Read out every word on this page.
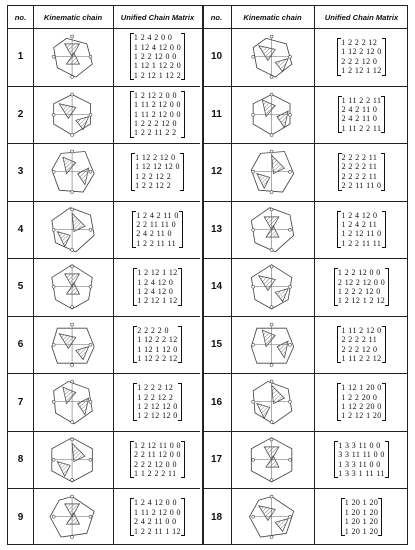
no.	Kinematic chain	Unified Chain Matrix	no.	Kinematic chain	Unified Chain Matrix
1
1 2 4 2 0 0
1 12 4 12 0 0
1 2 2 12 0 0
1 12 1 12 2 0
1 2 12 1 12 2
2
1 2 12 2 0 0
1 11 2 12 0 0
1 11 2 12 0 0
1 2 2 2 12 0
1 2 2 11 2 2
3
1 12 2 12 0
1 12 12 12 0
1 2 2 12 2
1 2 2 12 2
4
1 2 4 2 11 0
2 2 11 11 0
2 4 2 11 0
1 2 2 11 11
5
1 2 12 1 12
1 2 4 12 0
1 2 4 12 0
1 2 12 1 12
6
2 2 2 2 0
1 12 2 2 12
1 12 1 12 0
1 12 2 2 12
7
1 2 2 2 12
1 2 2 12 2
1 2 12 12 0
1 2 12 12 0
8
1 2 12 11 0 0
2 2 11 12 0 0
2 2 2 12 0 0
1 1 2 2 2 11
9
1 2 4 12 0 0
1 11 2 12 0 0
2 4 2 11 0 0
1 2 2 11 1 12
10
1 2 2 2 12
1 12 2 12 0
2 2 2 12 0
1 2 12 1 12
11
1 11 2 2 11
2 4 2 11 0
2 4 2 11 0
1 11 2 2 11
12
2 2 2 2 11
2 2 2 2 11
2 2 2 2 11
2 2 11 11 0
13
1 2 4 12 0
1 2 4 2 11
1 2 12 11 0
1 2 2 11 11
14
1 2 2 12 0 0
2 12 2 12 0 0
1 2 2 2 12 0
1 2 12 1 2 12
15
1 11 2 12 0
2 2 2 2 11
2 2 2 12 0
1 11 2 2 12
16
1 12 1 20 0
1 2 2 20 0
1 12 2 20 0
1 2 12 1 20
17
1 3 3 11 0 0
3 3 11 11 0 0
1 3 3 11 0 0
1 3 3 1 11 11
18
1 20 1 20
1 20 1 20
1 20 1 20
1 20 1 20
